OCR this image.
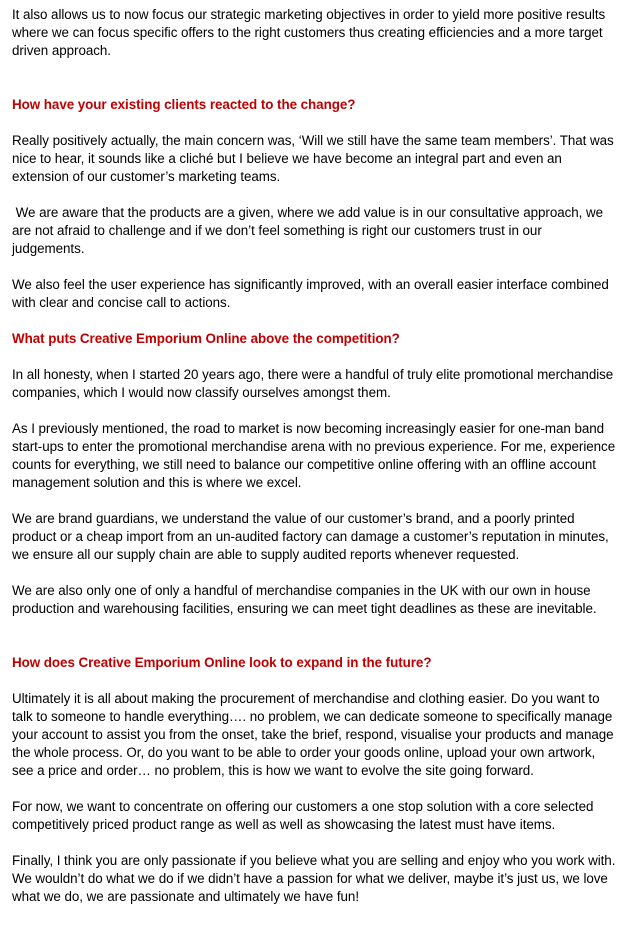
It also allows us to now focus our strategic marketing objectives in order to yield more positive results where we can focus specific offers to the right customers thus creating efficiencies and a more target driven approach.

How have your existing clients reacted to the change?

Really positively actually, the main concern was, ‘Will we still have the same team members’. That was nice to hear, it sounds like a cliché but I believe we have become an integral part and even an extension of our customer’s marketing teams.

We are aware that the products are a given, where we add value is in our consultative approach, we are not afraid to challenge and if we don’t feel something is right our customers trust in our judgements.

We also feel the user experience has significantly improved, with an overall easier interface combined with clear and concise call to actions.

What puts Creative Emporium Online above the competition?

In all honesty, when I started 20 years ago, there were a handful of truly elite promotional merchandise companies, which I would now classify ourselves amongst them.

As I previously mentioned, the road to market is now becoming increasingly easier for one-man band start-ups to enter the promotional merchandise arena with no previous experience. For me, experience counts for everything, we still need to balance our competitive online offering with an offline account management solution and this is where we excel.

We are brand guardians, we understand the value of our customer’s brand, and a poorly printed product or a cheap import from an un-audited factory can damage a customer’s reputation in minutes, we ensure all our supply chain are able to supply audited reports whenever requested.

We are also only one of only a handful of merchandise companies in the UK with our own in house production and warehousing facilities, ensuring we can meet tight deadlines as these are inevitable.

How does Creative Emporium Online look to expand in the future?

Ultimately it is all about making the procurement of merchandise and clothing easier. Do you want to talk to someone to handle everything…. no problem, we can dedicate someone to specifically manage your account to assist you from the onset, take the brief, respond, visualise your products and manage the whole process. Or, do you want to be able to order your goods online, upload your own artwork, see a price and order… no problem, this is how we want to evolve the site going forward.

For now, we want to concentrate on offering our customers a one stop solution with a core selected competitively priced product range as well as well as showcasing the latest must have items.

Finally, I think you are only passionate if you believe what you are selling and enjoy who you work with. We wouldn’t do what we do if we didn’t have a passion for what we deliver, maybe it’s just us, we love what we do, we are passionate and ultimately we have fun!
